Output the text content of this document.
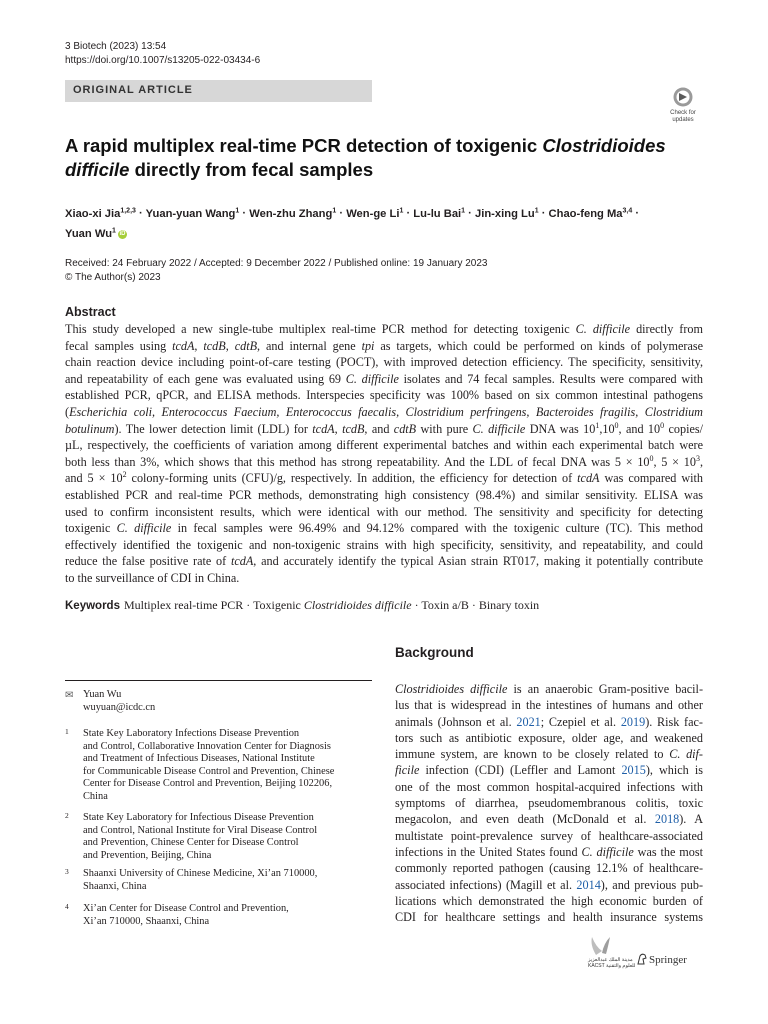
3 Biotech (2023) 13:54
https://doi.org/10.1007/s13205-022-03434-6
ORIGINAL ARTICLE
Check for
updates
A rapid multiplex real-time PCR detection of toxigenic Clostridioides
difficile directly from fecal samples
Xiao-xi Jia$^{1,2,3}$ · Yuan-yuan Wang$^1$ · Wen-zhu Zhang$^1$ · Wen-ge $Li^1 \cdot Lu-lu$ Bai$^1$ · Jin-xing $Lu^1$ · Chao-feng Ma$^{3,4}$ ·
Yuan Wu$^1$ iD
Received: 24 February 2022 / Accepted: 9 December 2022 / Published online: 19 January 2023
© The Author(s) 2023
Abstract
This study developed a new single-tube multiplex real-time PCR method for detecting toxigenic C. difficile directly from
fecal samples using tcdA, tcdB, cdtB, and internal gene tpi as targets, which could be performed on kinds of polymerase
chain reaction device including point-of-care testing (POCT), with improved detection efficiency. The specificity, sensitivity,
and repeatability of each gene was evaluated using 69 C. difficile isolates and 74 fecal samples. Results were compared with
established PCR, qPCR, and ELISA methods. Interspecies specificity was 100% based on six common intestinal pathogens
(Escherichia coli, Enterococcus Faecium, Enterococcus faecalis, Clostridium perfringens, Bacteroides fragilis, Clostridium
botulinum). The lower detection limit (LDL) for tcdA, tcdB, and cdtB with pure C. difficile DNA was $10^1,10^0$, and $10^0$ copies/
µL, respectively, the coefficients of variation among different experimental batches and within each experimental batch were
both less than 3%, which shows that this method has strong repeatability. And the LDL of fecal DNA was $5 \times 10^0$, $5 \times 10^3$,
and $5 \times 10^2$ colony-forming units (CFU)/g, respectively. In addition, the efficiency for detection of tcdA was compared with
established PCR and real-time PCR methods, demonstrating high consistency (98.4%) and similar sensitivity. ELISA was
used to confirm inconsistent results, which were identical with our method. The sensitivity and specificity for detecting
toxigenic C. difficile in fecal samples were 96.49% and 94.12% compared with the toxigenic culture (TC). This method
effectively identified the toxigenic and non-toxigenic strains with high specificity, sensitivity, and repeatability, and could
reduce the false positive rate of tcdA, and accurately identify the typical Asian strain RT017, making it potentially contribute
to the surveillance of CDI in China.
Keywords Multiplex real-time PCR · Toxigenic Clostridioides difficile · Toxin a/B · Binary toxin
Background
Clostridioides difficile is an anaerobic Gram-positive bacil-
lus that is widespread in the intestines of humans and other
animals (Johnson et al. 2021; Czepiel et al. 2019). Risk fac-
tors such as antibiotic exposure, older age, and weakened
immune system, are known to be closely related to C. dif-
ficile infection (CDI) (Leffler and Lamont 2015), which is
one of the most common hospital-acquired infections with
symptoms of diarrhea, pseudomembranous colitis, toxic
megacolon, and even death (McDonald et al. 2018). A
multistate point-prevalence survey of healthcare-associated
infections in the United States found C. difficile was the most
commonly reported pathogen (causing 12.1% of healthcare-
associated infections) (Magill et al. 2014), and previous pub-
lications which demonstrated the high economic burden of
CDI for healthcare settings and health insurance systems
✉ Yuan Wu
wuyuan@icdc.cn
1 State Key Laboratory Infections Disease Prevention
and Control, Collaborative Innovation Center for Diagnosis
and Treatment of Infectious Diseases, National Institute
for Communicable Disease Control and Prevention, Chinese
Center for Disease Control and Prevention, Beijing 102206,
China
2 State Key Laboratory for Infectious Disease Prevention
and Control, National Institute for Viral Disease Control
and Prevention, Chinese Center for Disease Control
and Prevention, Beijing, China
3 Shaanxi University of Chinese Medicine, Xi’an 710000,
Shaanxi, China
4 Xi’an Center for Disease Control and Prevention,
Xi’an 710000, Shaanxi, China
مدينة الملك عبدالعزيز
KACST للعلوم والتقنية Springer
